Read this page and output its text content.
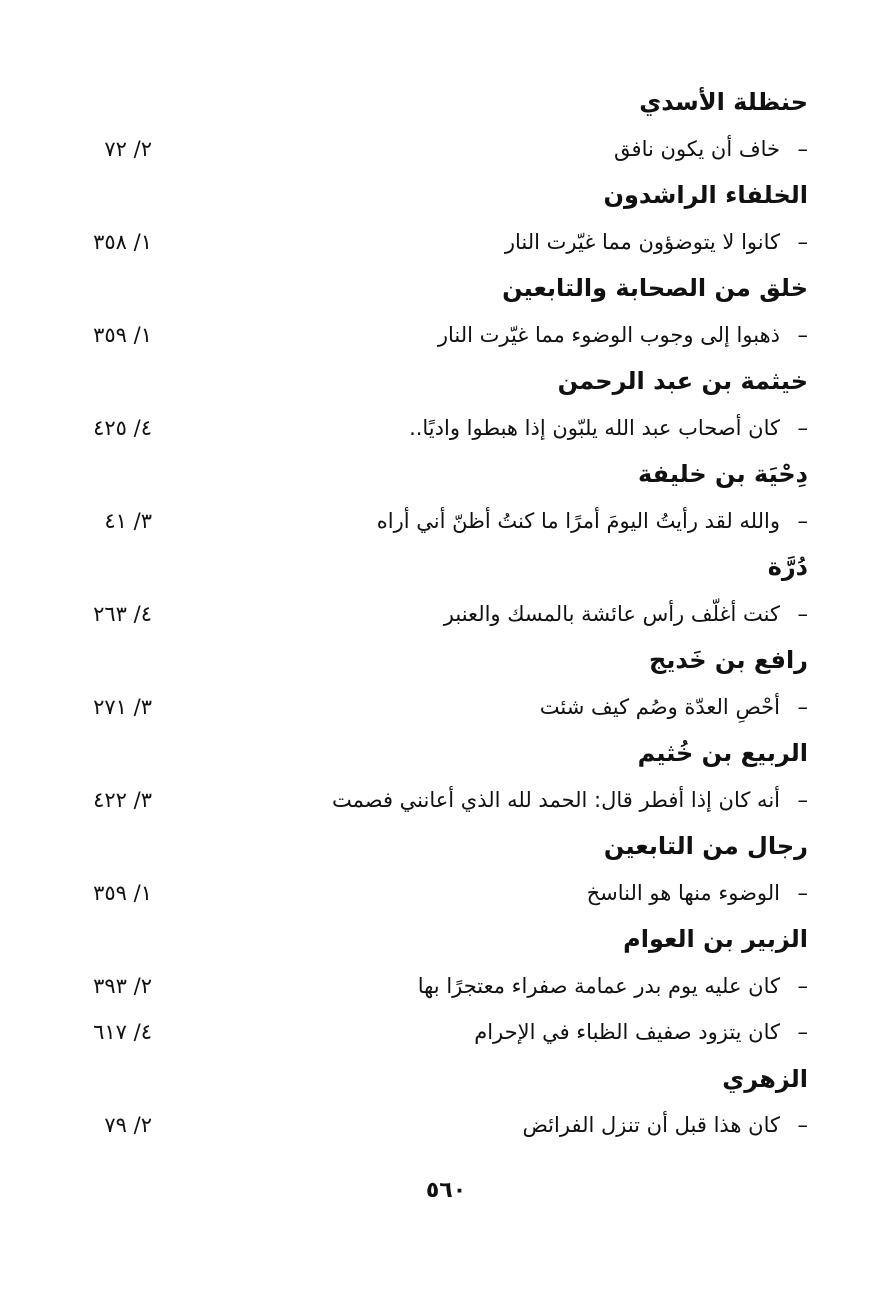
حنظلة الأسدي
–خاف أن يكون نافق
٢/ ٧٢
الخلفاء الراشدون
–كانوا لا يتوضؤون مما غيّرت النار
١/ ٣٥٨
خلق من الصحابة والتابعين
–ذهبوا إلى وجوب الوضوء مما غيّرت النار
١/ ٣٥٩
خيثمة بن عبد الرحمن
–كان أصحاب عبد الله يلبّون إذا هبطوا واديًا..
٤/ ٤٢٥
دِحْيَة بن خليفة
–والله لقد رأيتُ اليومَ أمرًا ما كنتُ أظنّ أني أراه
٣/ ٤١
دُرَّة
–كنت أغلّف رأس عائشة بالمسك والعنبر
٤/ ٢٦٣
رافع بن خَديج
–أحْصِ العدّة وصُم كيف شئت
٣/ ٢٧١
الربيع بن خُثيم
–أنه كان إذا أفطر قال: الحمد لله الذي أعانني فصمت
٣/ ٤٢٢
رجال من التابعين
–الوضوء منها هو الناسخ
١/ ٣٥٩
الزبير بن العوام
–كان عليه يوم بدر عمامة صفراء معتجرًا بها
٢/ ٣٩٣
–كان يتزود صفيف الظباء في الإحرام
٤/ ٦١٧
الزهري
–كان هذا قبل أن تنزل الفرائض
٢/ ٧٩
٥٦٠
